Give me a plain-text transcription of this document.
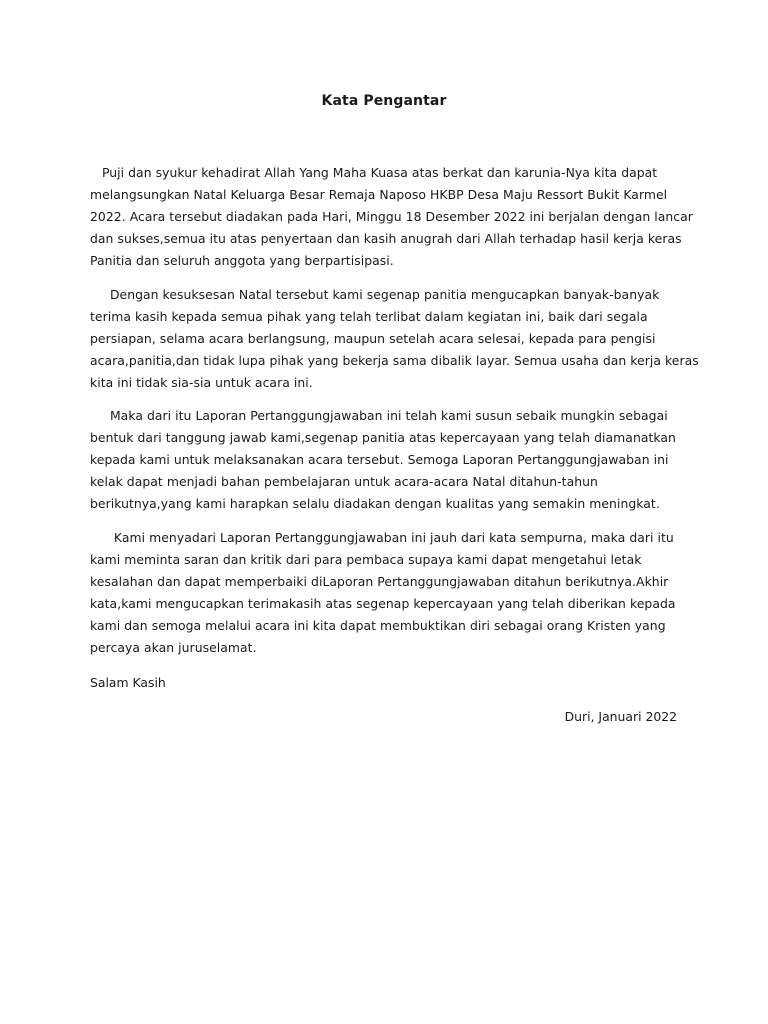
Kata Pengantar
Puji dan syukur kehadirat Allah Yang Maha Kuasa atas berkat dan karunia-Nya kita dapat
melangsungkan Natal Keluarga Besar Remaja Naposo HKBP Desa Maju Ressort Bukit Karmel
2022. Acara tersebut diadakan pada Hari, Minggu 18 Desember 2022 ini berjalan dengan lancar
dan sukses,semua itu atas penyertaan dan kasih anugrah dari Allah terhadap hasil kerja keras
Panitia dan seluruh anggota yang berpartisipasi.
Dengan kesuksesan Natal tersebut kami segenap panitia mengucapkan banyak-banyak
terima kasih kepada semua pihak yang telah terlibat dalam kegiatan ini, baik dari segala
persiapan, selama acara berlangsung, maupun setelah acara selesai, kepada para pengisi
acara,panitia,dan tidak lupa pihak yang bekerja sama dibalik layar. Semua usaha dan kerja keras
kita ini tidak sia-sia untuk acara ini.
Maka dari itu Laporan Pertanggungjawaban ini telah kami susun sebaik mungkin sebagai
bentuk dari tanggung jawab kami,segenap panitia atas kepercayaan yang telah diamanatkan
kepada kami untuk melaksanakan acara tersebut. Semoga Laporan Pertanggungjawaban ini
kelak dapat menjadi bahan pembelajaran untuk acara-acara Natal ditahun-tahun
berikutnya,yang kami harapkan selalu diadakan dengan kualitas yang semakin meningkat.
Kami menyadari Laporan Pertanggungjawaban ini jauh dari kata sempurna, maka dari itu
kami meminta saran dan kritik dari para pembaca supaya kami dapat mengetahui letak
kesalahan dan dapat memperbaiki diLaporan Pertanggungjawaban ditahun berikutnya.Akhir
kata,kami mengucapkan terimakasih atas segenap kepercayaan yang telah diberikan kepada
kami dan semoga melalui acara ini kita dapat membuktikan diri sebagai orang Kristen yang
percaya akan juruselamat.
Salam Kasih
Duri, Januari 2022
